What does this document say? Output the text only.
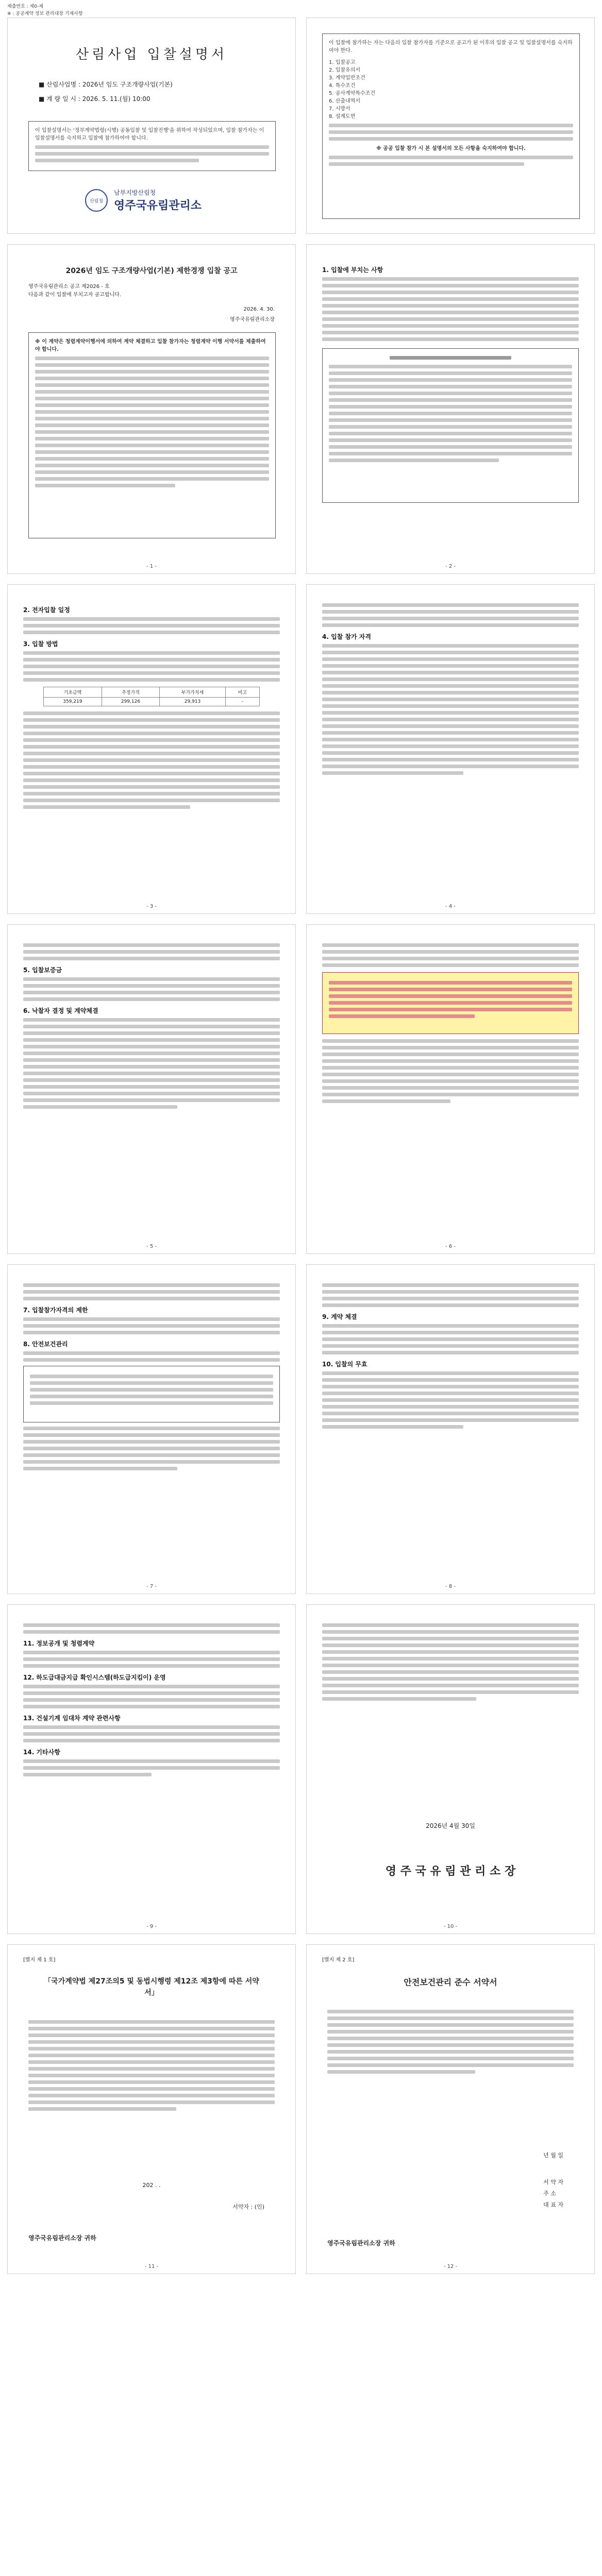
제출번호 : 제0-제
※ : 공공계약 정보 관리대장 기재사항
산림사업 입찰설명서
■ 산림사업명 : 2026년 임도 구조개량사업(기본)
■ 계 량 일 시 : 2026. 5. 11.(월) 10:00
이 입찰설명서는 '정부계약법령(시행) 공동입찰 및 입찰진행'을 위하여 작성되었으며, 입찰 참가자는 이 입찰설명서를 숙지하고 입찰에 참가하여야 합니다.
산림청
남부지방산림청
영주국유림관리소
이 입찰에 참가하는 자는 다음의 입찰 참가자를 기준으로 공고가 된 이후의 입찰 공고 및 입찰설명서를 숙지하여야 한다.
1. 입찰공고
2. 입찰유의서
3. 계약일반조건
4. 특수조건
5. 공사계약특수조건
6. 산출내역서
7. 시방서
8. 설계도면
※ 공공 입찰 참가 시 본 설명서의 모든 사항을 숙지하여야 합니다.
2026년 임도 구조개량사업(기본) 제한경쟁 입찰 공고
영주국유림관리소 공고 제2026 - 호
다음과 같이 입찰에 부치고자 공고합니다.
2026. 4. 30.
영주국유림관리소장
※ 이 계약은 청렴계약이행서에 의하여 계약 체결하고 입찰 참가자는 청렴계약 이행 서약서를 제출하여야 합니다.
- 1 -
1. 입찰에 부치는 사항
- 2 -
2. 전자입찰 일정
3. 입찰 방법
기초금액	추정가격	부가가치세	비고
359,219	299,126	29,913	-
- 3 -
4. 입찰 참가 자격
- 4 -
5. 입찰보증금
6. 낙찰자 결정 및 계약체결
- 5 -	- 6 -
7. 입찰참가자격의 제한
8. 안전보건관리
- 7 -
9. 계약 체결
10. 입찰의 무효
- 8 -
11. 정보공개 및 청렴계약
12. 하도급대금지급 확인시스템(하도급지킴이) 운영
13. 건설기계 임대차 계약 관련사항
14. 기타사항
- 9 -
2026년 4월 30일
영 주 국 유 림 관 리 소 장
- 10 -
[별지 제 1 호]
「국가계약법 제27조의5 및 동법시행령 제12조 제3항에 따른 서약서」
202 . .
서약자 : (인)
영주국유림관리소장 귀하
- 11 -
[별지 제 2 호]
안전보건관리 준수 서약서
년 월 일
서 약 자
주 소
대 표 자
영주국유림관리소장 귀하
- 12 -
